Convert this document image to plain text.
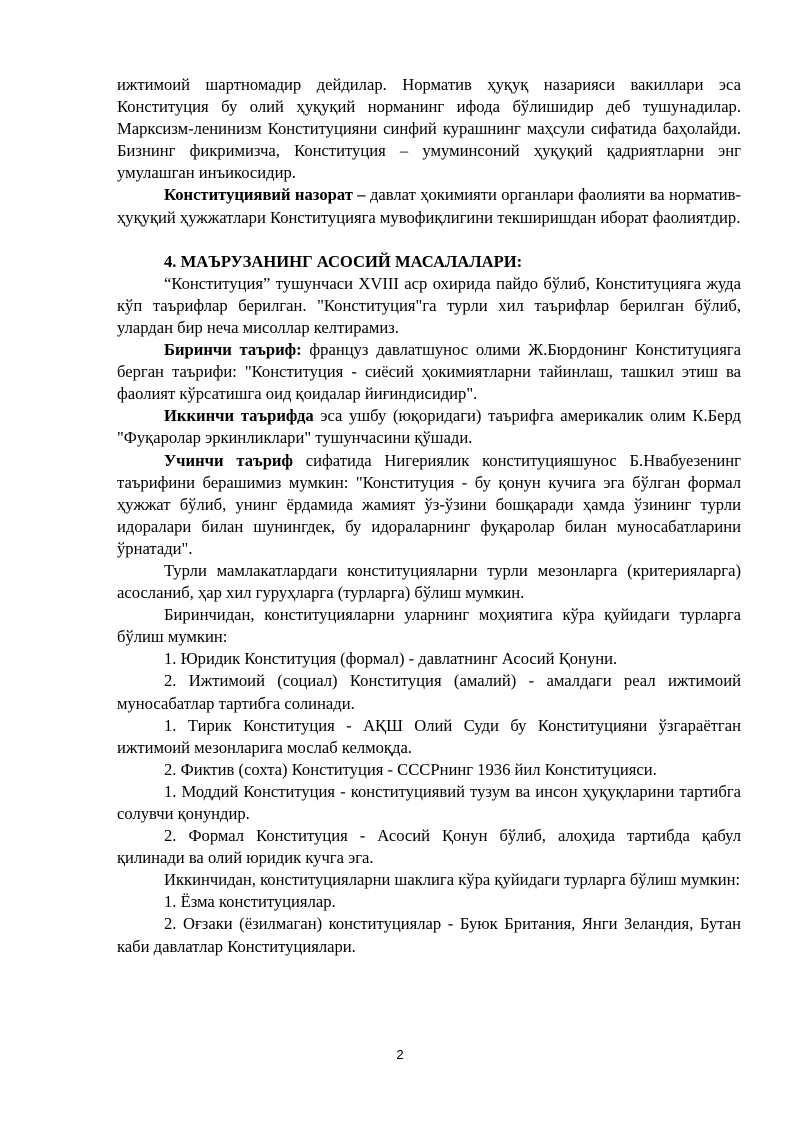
ижтимоий шартномадир дейдилар. Норматив ҳуқуқ назарияси вакиллари эса Конституция бу олий ҳуқуқий норманинг ифода бўлишидир деб тушунадилар. Марксизм-ленинизм Конституцияни синфий курашнинг маҳсули сифатида баҳолайди. Бизнинг фикримизча, Конституция – умуминсоний ҳуқуқий қадриятларни энг умулашган инъикосидир.

Конституциявий назорат – давлат ҳокимияти органлари фаолияти ва норматив-ҳуқуқий ҳужжатлари Конституцияга мувофиқлигини текширишдан иборат фаолиятдир.

4. МАЪРУЗАНИНГ АСОСИЙ МАСАЛАЛАРИ:

“Конституция” тушунчаси XVIII аср охирида пайдо бўлиб, Конституцияга жуда кўп таърифлар берилган. "Конституция"га турли хил таърифлар берилган бўлиб, улардан бир неча мисоллар келтирамиз.

Биринчи таъриф: француз давлатшунос олими Ж.Бюрдонинг Конституцияга берган таърифи: "Конституция - сиёсий ҳокимиятларни тайинлаш, ташкил этиш ва фаолият кўрсатишга оид қоидалар йиғиндисидир".

Иккинчи таърифда эса ушбу (юқоридаги) таърифга америкалик олим К.Берд "Фуқаролар эркинликлари" тушунчасини қўшади.

Учинчи таъриф сифатида Нигериялик конституцияшунос Б.Нвабуезенинг таърифини берашимиз мумкин: "Конституция - бу қонун кучига эга бўлган формал ҳужжат бўлиб, унинг ёрдамида жамият ўз-ўзини бошқаради ҳамда ўзининг турли идоралари билан шунингдек, бу идораларнинг фуқаролар билан муносабатларини ўрнатади".

Турли мамлакатлардаги конституцияларни турли мезонларга (критерияларга) асосланиб, ҳар хил гуруҳларга (турларга) бўлиш мумкин.

Биринчидан, конституцияларни уларнинг моҳиятига кўра қуйидаги турларга бўлиш мумкин:

1. Юридик Конституция (формал) - давлатнинг Асосий Қонуни.

2. Ижтимоий (социал) Конституция (амалий) - амалдаги реал ижтимоий муносабатлар тартибга солинади.

1. Тирик Конституция - АҚШ Олий Суди бу Конституцияни ўзгараётган ижтимоий мезонларига мослаб келмоқда.

2. Фиктив (сохта) Конституция - СССРнинг 1936 йил Конституцияси.

1. Моддий Конституция - конституциявий тузум ва инсон ҳуқуқларини тартибга солувчи қонундир.

2. Формал Конституция - Асосий Қонун бўлиб, алоҳида тартибда қабул қилинади ва олий юридик кучга эга.

Иккинчидан, конституцияларни шаклига кўра қуйидаги турларга бўлиш мумкин:

1. Ёзма конституциялар.

2. Оғзаки (ёзилмаган) конституциялар - Буюк Британия, Янги Зеландия, Бутан каби давлатлар Конституциялари.

2
